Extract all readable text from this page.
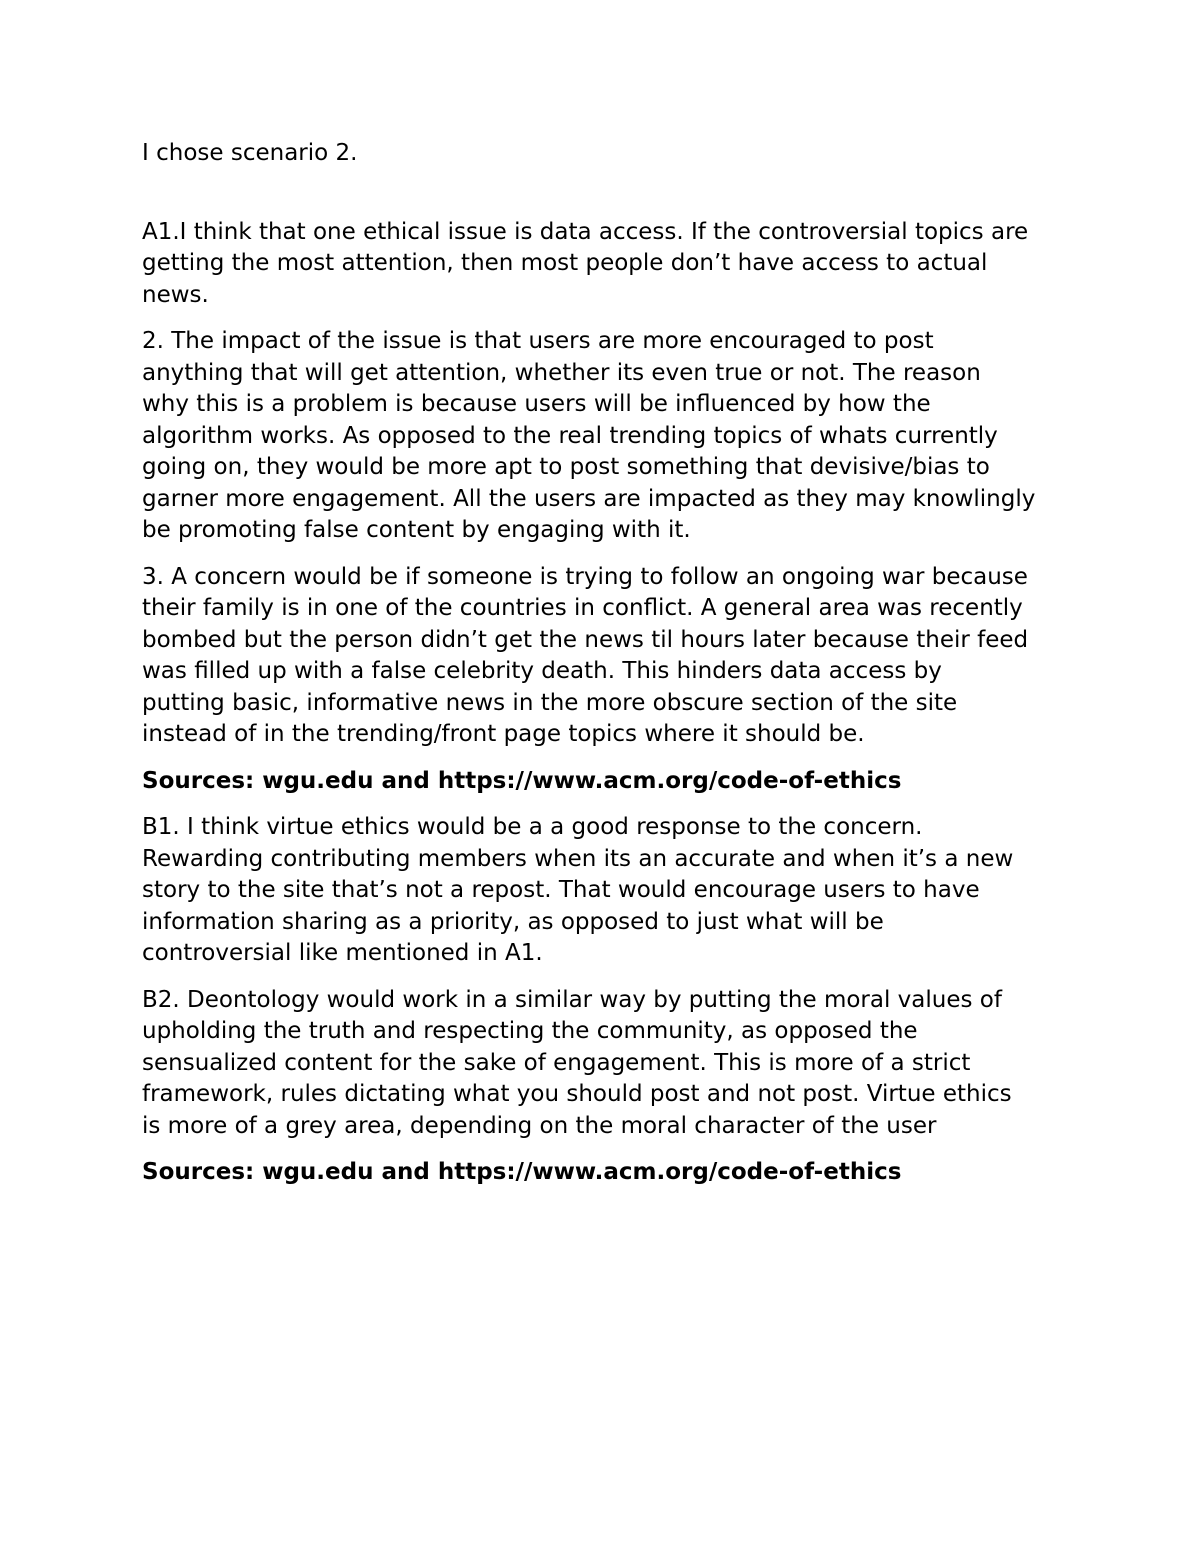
I chose scenario 2.

A1.I think that one ethical issue is data access. If the controversial topics are
getting the most attention, then most people don’t have access to actual
news.

2. The impact of the issue is that users are more encouraged to post
anything that will get attention, whether its even true or not. The reason
why this is a problem is because users will be influenced by how the
algorithm works. As opposed to the real trending topics of whats currently
going on, they would be more apt to post something that devisive/bias to
garner more engagement. All the users are impacted as they may knowlingly
be promoting false content by engaging with it.

3. A concern would be if someone is trying to follow an ongoing war because
their family is in one of the countries in conflict. A general area was recently
bombed but the person didn’t get the news til hours later because their feed
was filled up with a false celebrity death. This hinders data access by
putting basic, informative news in the more obscure section of the site
instead of in the trending/front page topics where it should be.

Sources: wgu.edu and https://www.acm.org/code-of-ethics

B1. I think virtue ethics would be a a good response to the concern.
Rewarding contributing members when its an accurate and when it’s a new
story to the site that’s not a repost. That would encourage users to have
information sharing as a priority, as opposed to just what will be
controversial like mentioned in A1.

B2. Deontology would work in a similar way by putting the moral values of
upholding the truth and respecting the community, as opposed the
sensualized content for the sake of engagement. This is more of a strict
framework, rules dictating what you should post and not post. Virtue ethics
is more of a grey area, depending on the moral character of the user

Sources: wgu.edu and https://www.acm.org/code-of-ethics
